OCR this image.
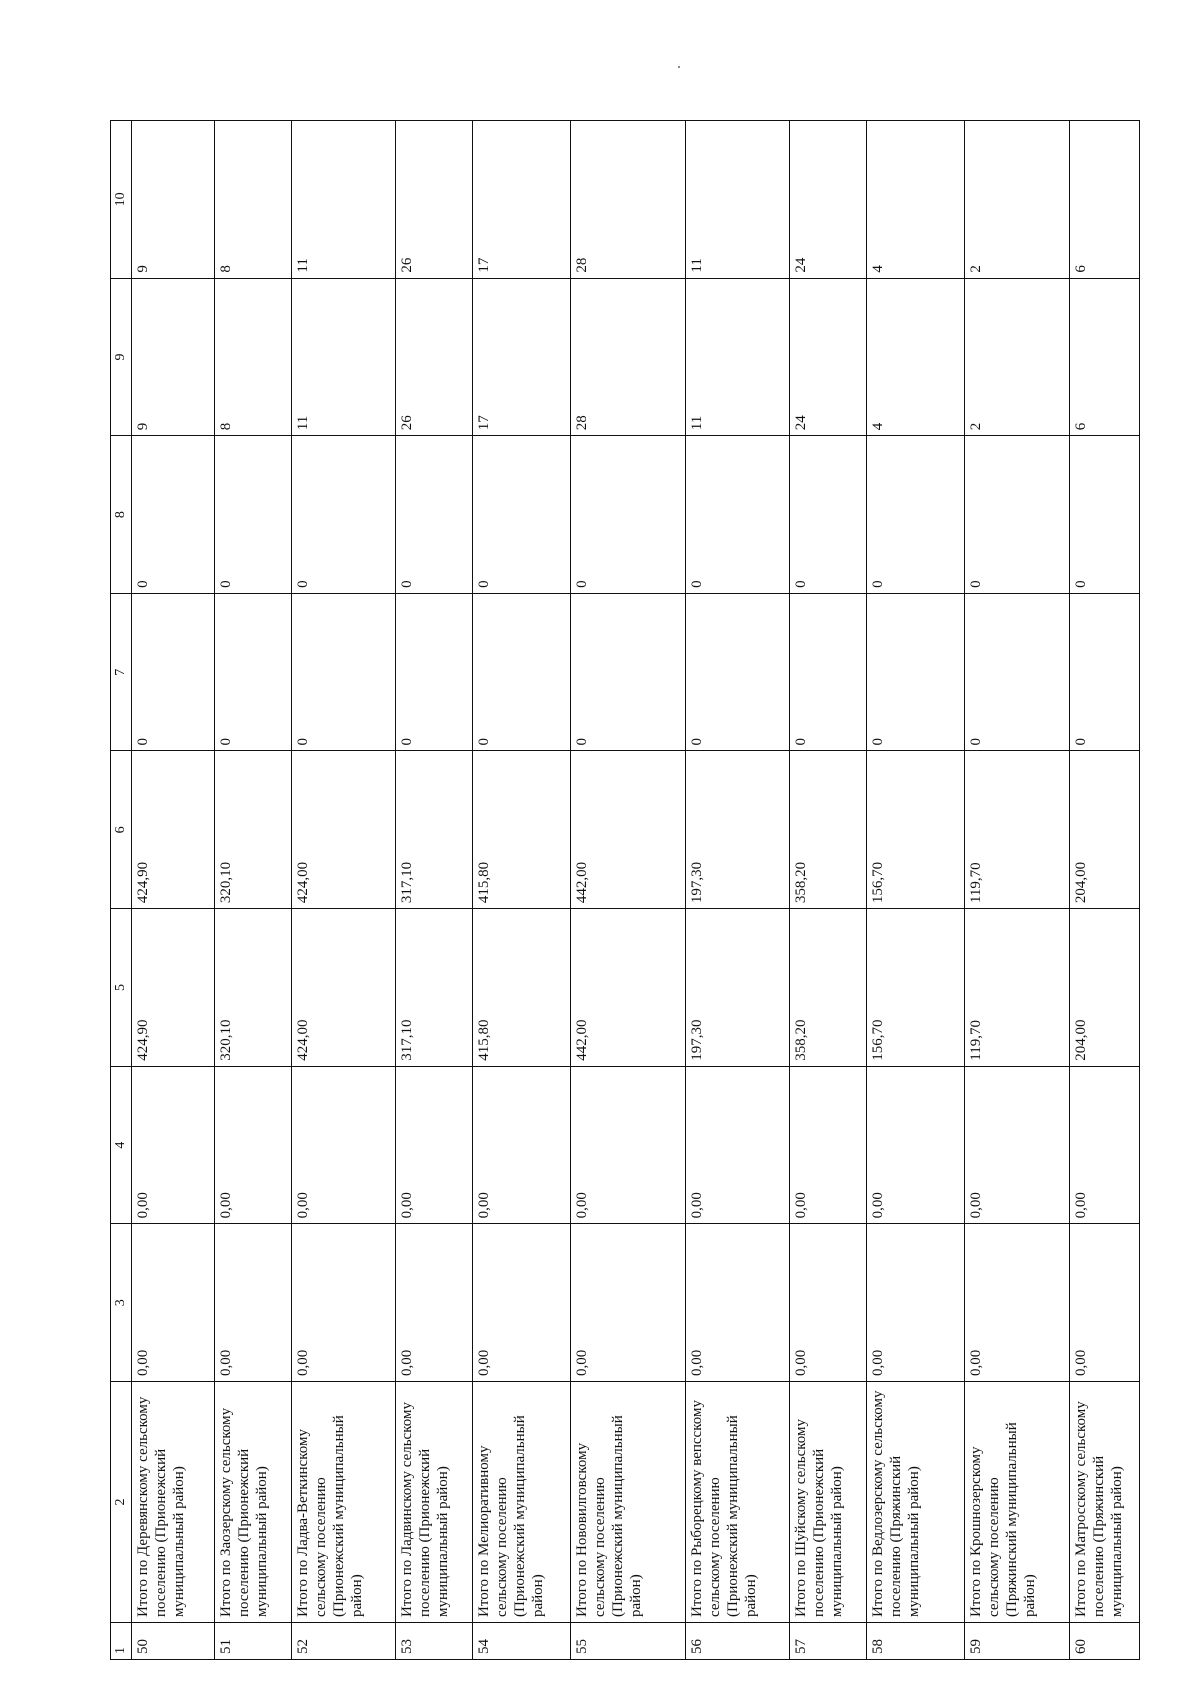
1	2	3	4	5	6	7	8	9	10
50	Итого по Деревянскому сельскому поселению (Прионежский муниципальный район)	0,00	0,00	424,90	424,90	0	0	9	9
51	Итого по Заозерскому сельскому поселению (Прионежский муниципальный район)	0,00	0,00	320,10	320,10	0	0	8	8
52	Итого по Ладва-Веткинскому сельскому поселению (Прионежский муниципальный район)	0,00	0,00	424,00	424,00	0	0	11	11
53	Итого по Ладвинскому сельскому поселению (Прионежский муниципальный район)	0,00	0,00	317,10	317,10	0	0	26	26
54	Итого по Мелиоративному сельскому поселению (Прионежский муниципальный район)	0,00	0,00	415,80	415,80	0	0	17	17
55	Итого по Нововилговскому сельскому поселению (Прионежский муниципальный район)	0,00	0,00	442,00	442,00	0	0	28	28
56	Итого по Рыборецкому вепсскому сельскому поселению (Прионежский муниципальный район)	0,00	0,00	197,30	197,30	0	0	11	11
57	Итого по Шуйскому сельскому поселению (Прионежский муниципальный район)	0,00	0,00	358,20	358,20	0	0	24	24
58	Итого по Ведлозерскому сельскому поселению (Пряжинский муниципальный район)	0,00	0,00	156,70	156,70	0	0	4	4
59	Итого по Крошнозерскому сельскому поселению (Пряжинский муниципальный район)	0,00	0,00	119,70	119,70	0	0	2	2
60	Итого по Матросскому сельскому поселению (Пряжинский муниципальный район)	0,00	0,00	204,00	204,00	0	0	6	6
